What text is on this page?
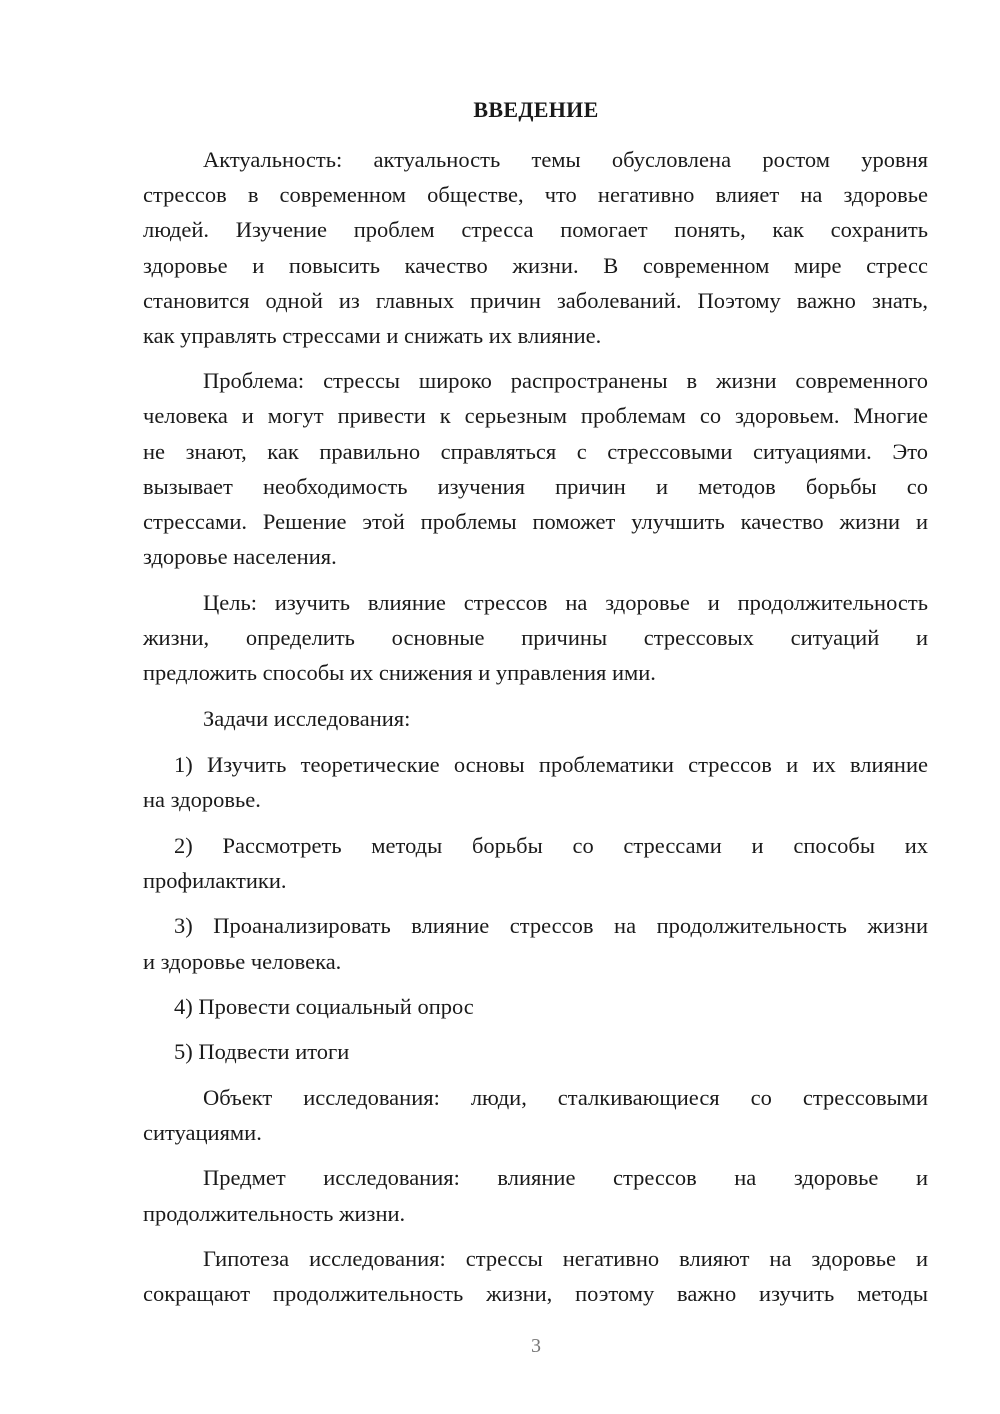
ВВЕДЕНИЕ
Актуальность: актуальность темы обусловлена ростом уровня
стрессов в современном обществе, что негативно влияет на здоровье
людей. Изучение проблем стресса помогает понять, как сохранить
здоровье и повысить качество жизни. В современном мире стресс
становится одной из главных причин заболеваний. Поэтому важно знать,
как управлять стрессами и снижать их влияние.
Проблема: стрессы широко распространены в жизни современного
человека и могут привести к серьезным проблемам со здоровьем. Многие
не знают, как правильно справляться с стрессовыми ситуациями. Это
вызывает необходимость изучения причин и методов борьбы со
стрессами. Решение этой проблемы поможет улучшить качество жизни и
здоровье населения.
Цель: изучить влияние стрессов на здоровье и продолжительность
жизни, определить основные причины стрессовых ситуаций и
предложить способы их снижения и управления ими.
Задачи исследования:
1) Изучить теоретические основы проблематики стрессов и их влияние
на здоровье.
2) Рассмотреть методы борьбы со стрессами и способы их
профилактики.
3) Проанализировать влияние стрессов на продолжительность жизни
и здоровье человека.
4) Провести социальный опрос
5) Подвести итоги
Объект исследования: люди, сталкивающиеся со стрессовыми
ситуациями.
Предмет исследования: влияние стрессов на здоровье и
продолжительность жизни.
Гипотеза исследования: стрессы негативно влияют на здоровье и
сокращают продолжительность жизни, поэтому важно изучить методы
3
